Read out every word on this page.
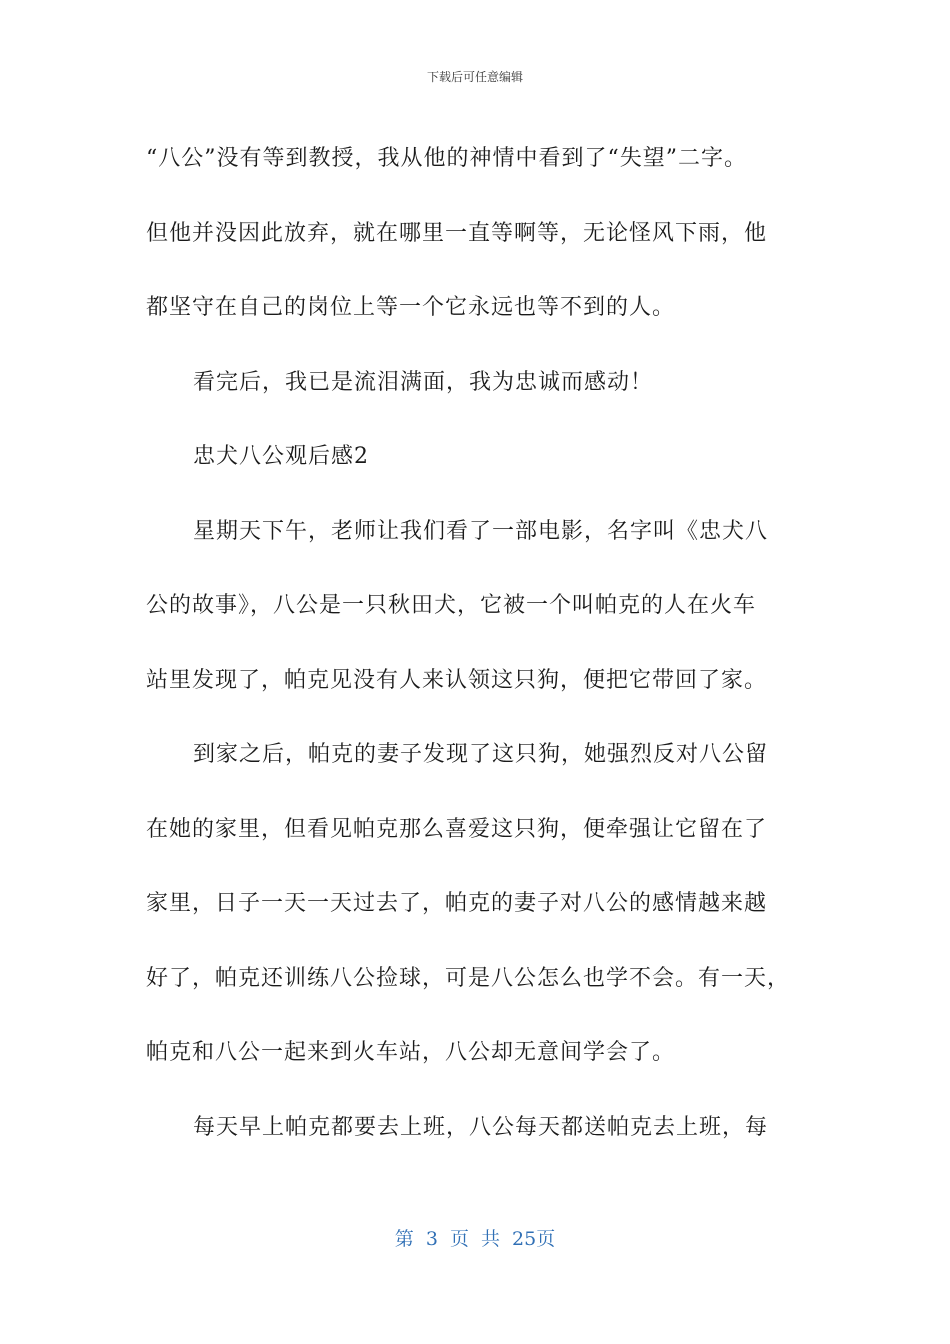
下载后可任意编辑
“八公”没有等到教授，我从他的神情中看到了“失望”二字。
但他并没因此放弃，就在哪里一直等啊等，无论怪风下雨，他
都坚守在自己的岗位上等一个它永远也等不到的人。
看完后，我已是流泪满面，我为忠诚而感动！
忠犬八公观后感2
星期天下午，老师让我们看了一部电影，名字叫《忠犬八
公的故事》，八公是一只秋田犬，它被一个叫帕克的人在火车
站里发现了，帕克见没有人来认领这只狗，便把它带回了家。
到家之后，帕克的妻子发现了这只狗，她强烈反对八公留
在她的家里，但看见帕克那么喜爱这只狗，便牵强让它留在了
家里，日子一天一天过去了，帕克的妻子对八公的感情越来越
好了，帕克还训练八公捡球，可是八公怎么也学不会。有一天，
帕克和八公一起来到火车站，八公却无意间学会了。
每天早上帕克都要去上班，八公每天都送帕克去上班，每
第 3 页 共 25页
